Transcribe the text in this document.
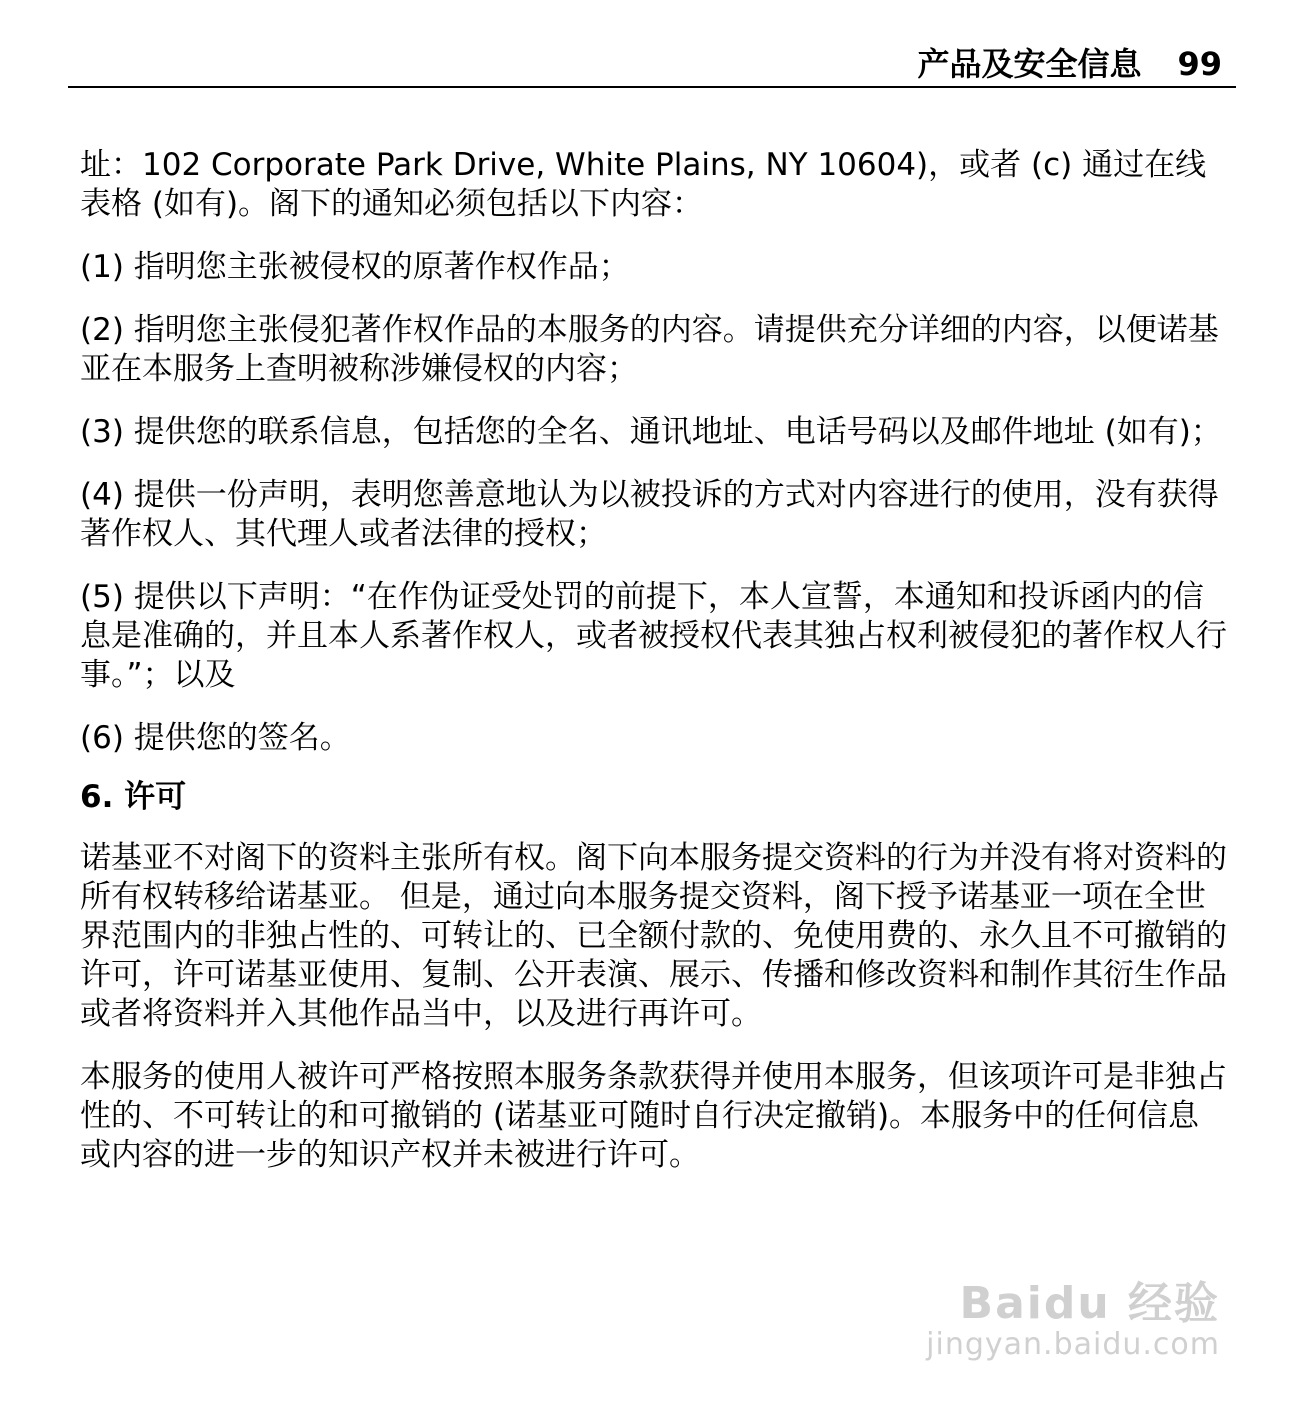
产品及安全信息 99

址：102 Corporate Park Drive, White Plains, NY 10604)，或者 (c) 通过在线表格 (如有)。阁下的通知必须包括以下内容：

(1) 指明您主张被侵权的原著作权作品；

(2) 指明您主张侵犯著作权作品的本服务的内容。请提供充分详细的内容，以便诺基亚在本服务上查明被称涉嫌侵权的内容；

(3) 提供您的联系信息，包括您的全名、通讯地址、电话号码以及邮件地址 (如有)；

(4) 提供一份声明，表明您善意地认为以被投诉的方式对内容进行的使用，没有获得著作权人、其代理人或者法律的授权；

(5) 提供以下声明：“在作伪证受处罚的前提下，本人宣誓，本通知和投诉函内的信息是准确的，并且本人系著作权人，或者被授权代表其独占权利被侵犯的著作权人行事。”；以及

(6) 提供您的签名。

6. 许可

诺基亚不对阁下的资料主张所有权。阁下向本服务提交资料的行为并没有将对资料的所有权转移给诺基亚。 但是，通过向本服务提交资料，阁下授予诺基亚一项在全世界范围内的非独占性的、可转让的、已全额付款的、免使用费的、永久且不可撤销的许可，许可诺基亚使用、复制、公开表演、展示、传播和修改资料和制作其衍生作品或者将资料并入其他作品当中，以及进行再许可。

本服务的使用人被许可严格按照本服务条款获得并使用本服务，但该项许可是非独占性的、不可转让的和可撤销的 (诺基亚可随时自行决定撤销)。本服务中的任何信息或内容的进一步的知识产权并未被进行许可。

Baidu 经验
jingyan.baidu.com
